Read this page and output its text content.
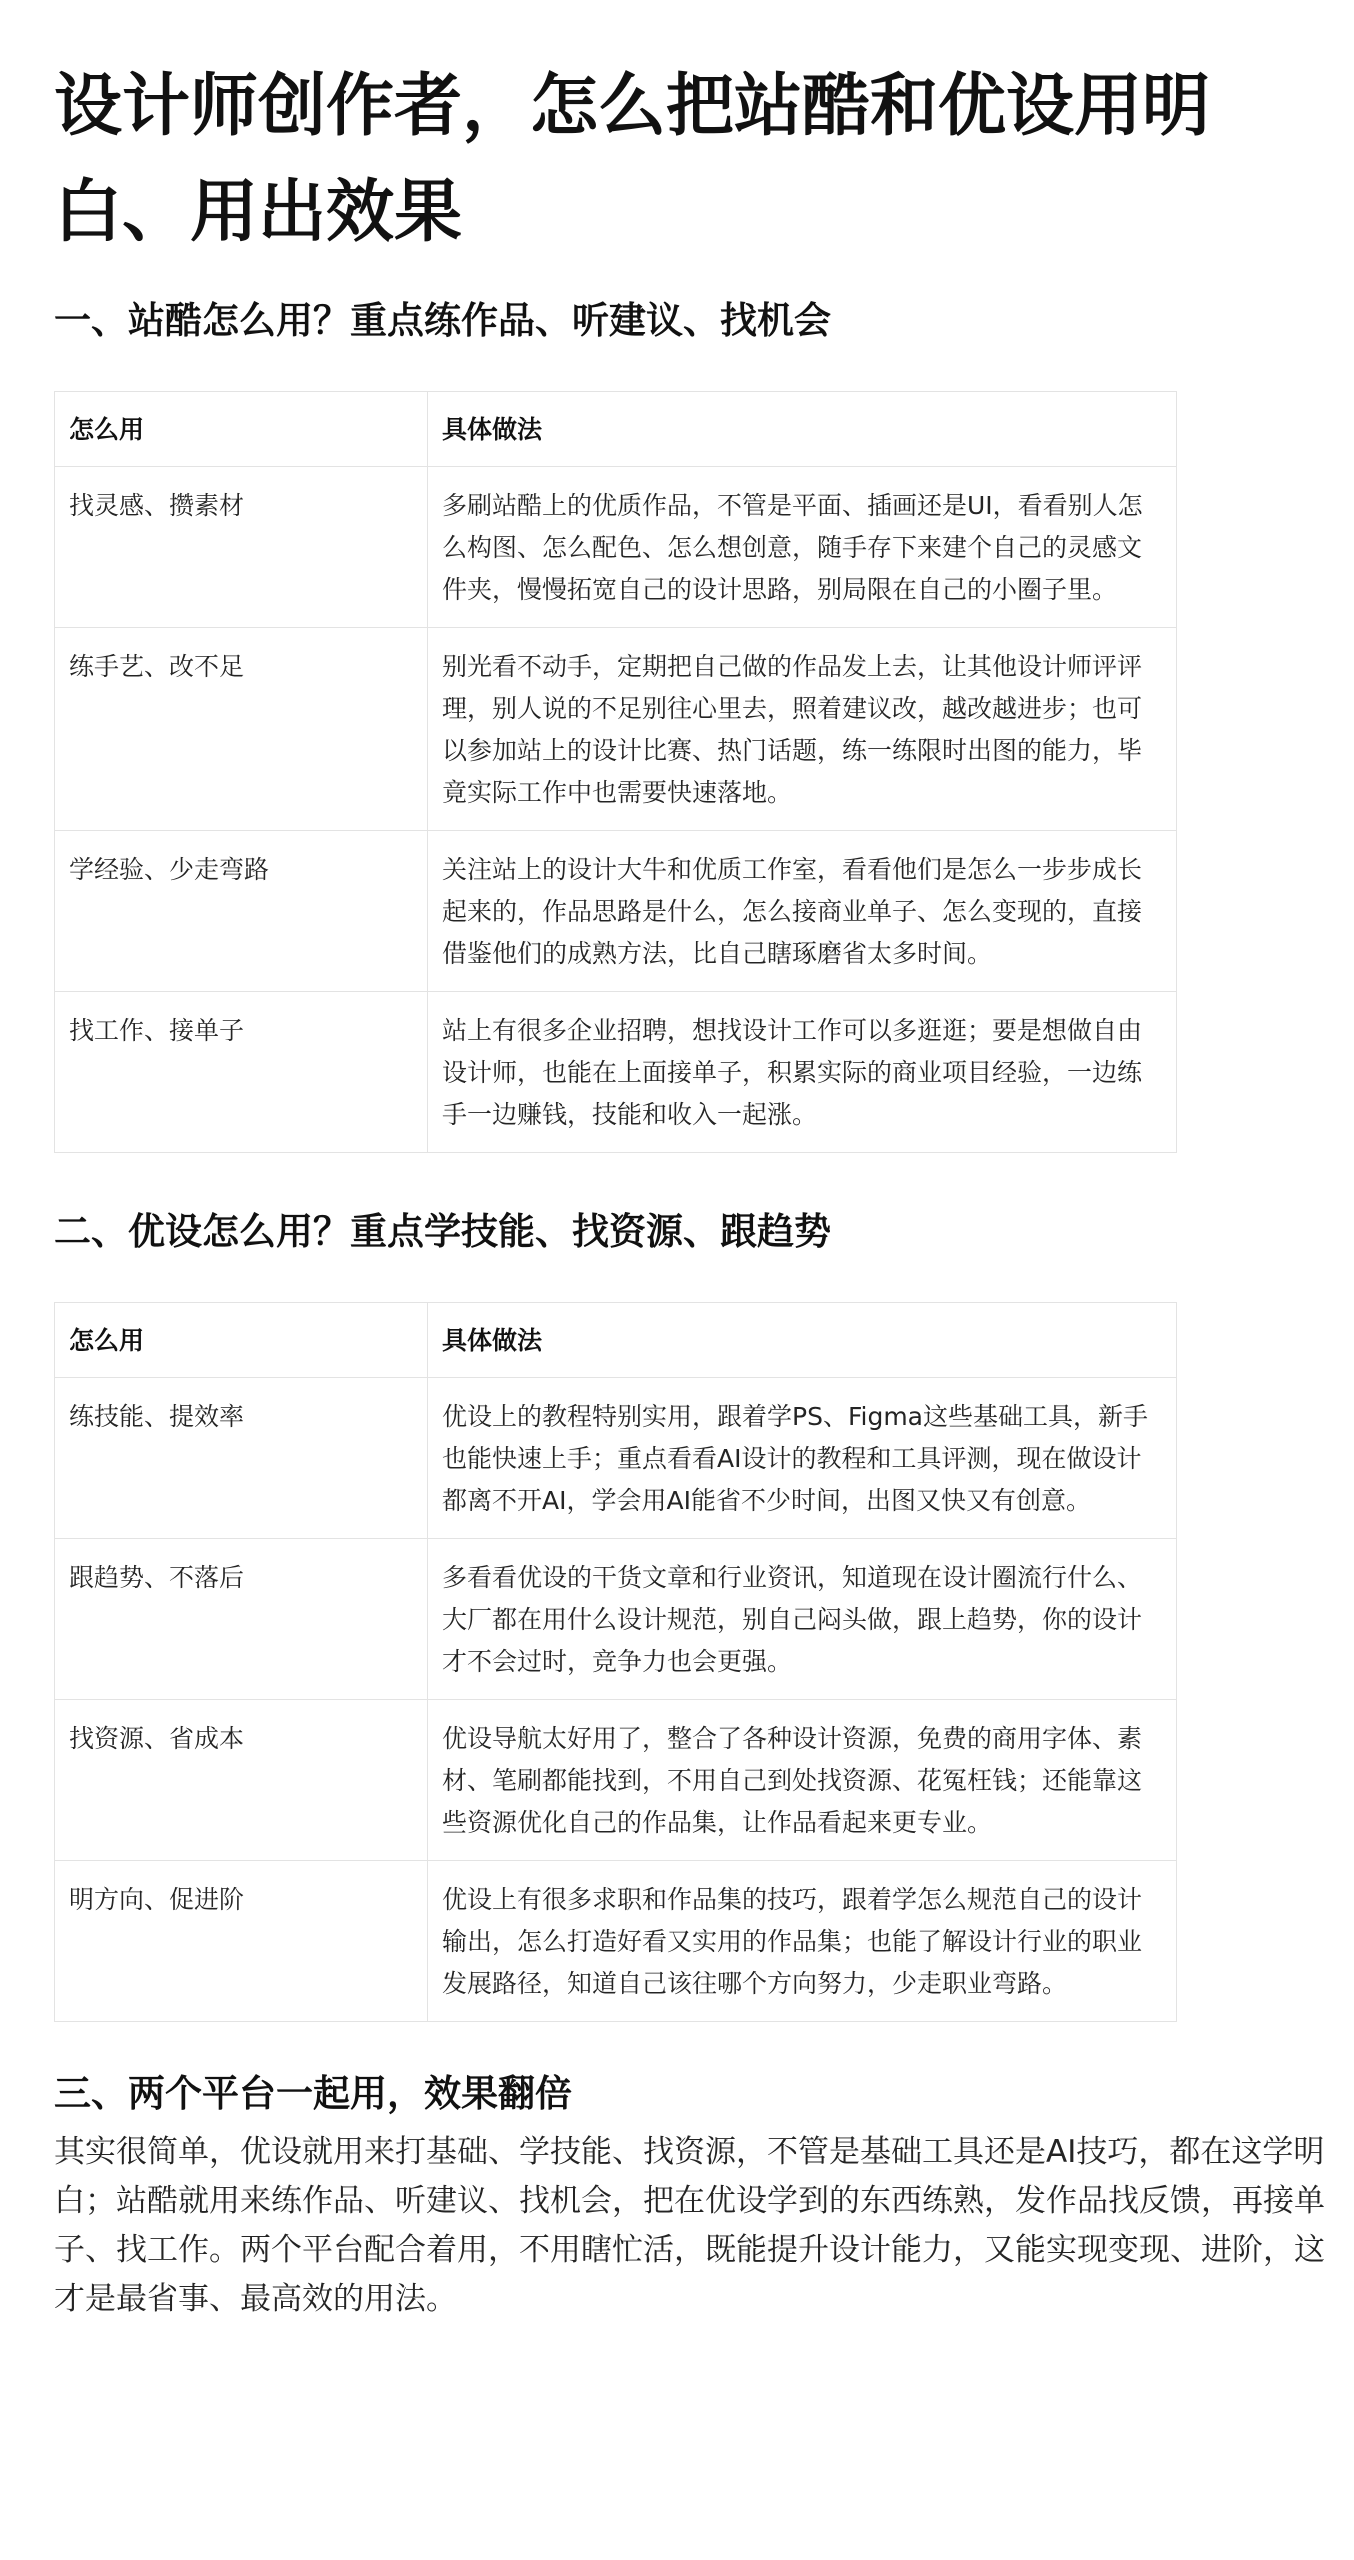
设计师创作者，怎么把站酷和优设用明白、用出效果
一、站酷怎么用？重点练作品、听建议、找机会
怎么用	具体做法
找灵感、攒素材	多刷站酷上的优质作品，不管是平面、插画还是UI，看看别人怎么构图、怎么配色、怎么想创意，随手存下来建个自己的灵感文件夹，慢慢拓宽自己的设计思路，别局限在自己的小圈子里。
练手艺、改不足	别光看不动手，定期把自己做的作品发上去，让其他设计师评评理，别人说的不足别往心里去，照着建议改，越改越进步；也可以参加站上的设计比赛、热门话题，练一练限时出图的能力，毕竟实际工作中也需要快速落地。
学经验、少走弯路	关注站上的设计大牛和优质工作室，看看他们是怎么一步步成长起来的，作品思路是什么，怎么接商业单子、怎么变现的，直接借鉴他们的成熟方法，比自己瞎琢磨省太多时间。
找工作、接单子	站上有很多企业招聘，想找设计工作可以多逛逛；要是想做自由设计师，也能在上面接单子，积累实际的商业项目经验，一边练手一边赚钱，技能和收入一起涨。
二、优设怎么用？重点学技能、找资源、跟趋势
怎么用	具体做法
练技能、提效率	优设上的教程特别实用，跟着学PS、Figma这些基础工具，新手也能快速上手；重点看看AI设计的教程和工具评测，现在做设计都离不开AI，学会用AI能省不少时间，出图又快又有创意。
跟趋势、不落后	多看看优设的干货文章和行业资讯，知道现在设计圈流行什么、大厂都在用什么设计规范，别自己闷头做，跟上趋势，你的设计才不会过时，竞争力也会更强。
找资源、省成本	优设导航太好用了，整合了各种设计资源，免费的商用字体、素材、笔刷都能找到，不用自己到处找资源、花冤枉钱；还能靠这些资源优化自己的作品集，让作品看起来更专业。
明方向、促进阶	优设上有很多求职和作品集的技巧，跟着学怎么规范自己的设计输出，怎么打造好看又实用的作品集；也能了解设计行业的职业发展路径，知道自己该往哪个方向努力，少走职业弯路。
三、两个平台一起用，效果翻倍

其实很简单，优设就用来打基础、学技能、找资源，不管是基础工具还是AI技巧，都在这学明白；站酷就用来练作品、听建议、找机会，把在优设学到的东西练熟，发作品找反馈，再接单子、找工作。两个平台配合着用，不用瞎忙活，既能提升设计能力，又能实现变现、进阶，这才是最省事、最高效的用法。
